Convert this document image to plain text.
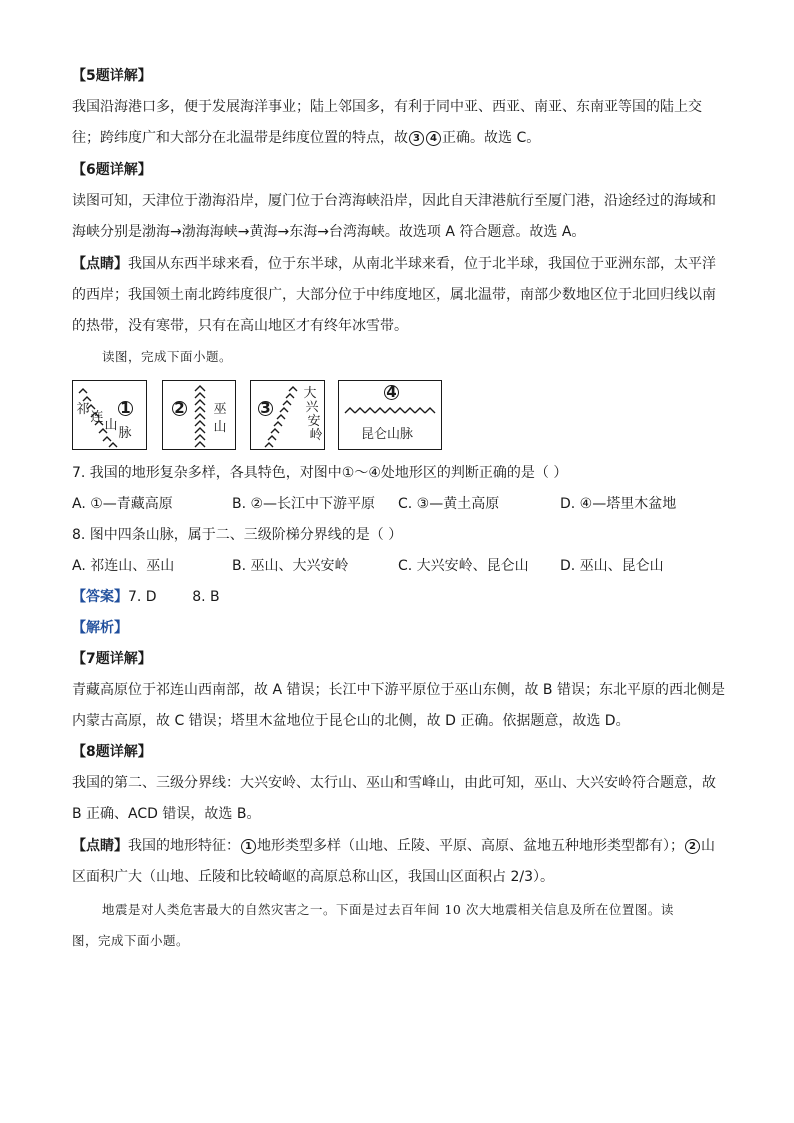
【5题详解】
我国沿海港口多，便于发展海洋事业；陆上邻国多，有利于同中亚、西亚、南亚、东南亚等国的陆上交
往；跨纬度广和大部分在北温带是纬度位置的特点，故 3 4 正确。故选 C。
【6题详解】
读图可知，天津位于渤海沿岸，厦门位于台湾海峡沿岸，因此自天津港航行至厦门港，沿途经过的海域和
海峡分别是渤海→渤海海峡→黄海→东海→台湾海峡。故选项 A 符合题意。故选 A。
【点睛】我国从东西半球来看，位于东半球，从南北半球来看，位于北半球，我国位于亚洲东部，太平洋
的西岸；我国领土南北跨纬度很广，大部分位于中纬度地区，属北温带，南部少数地区位于北回归线以南
的热带，没有寒带，只有在高山地区才有终年冰雪带。
读图，完成下面小题。
祁
连
山
脉
1	2 巫
山
3
大
兴
安
岭
4
昆仑山脉
7. 我国的地形复杂多样，各具特色，对图中①～④处地形区的判断正确的是（ ）
A. ①—青藏高原	B. ②—长江中下游平原 C. ③—黄土高原	D. ④—塔里木盆地
8. 图中四条山脉，属于二、三级阶梯分界线的是（ ）
A. 祁连山、巫山	B. 巫山、大兴安岭	C. 大兴安岭、昆仑山 D. 巫山、昆仑山
【答案】7. D        8. B
【解析】
【7题详解】
青藏高原位于祁连山西南部，故 A 错误；长江中下游平原位于巫山东侧，故 B 错误；东北平原的西北侧是
内蒙古高原，故 C 错误；塔里木盆地位于昆仑山的北侧，故 D 正确。依据题意，故选 D。
【8题详解】
我国的第二、三级分界线：大兴安岭、太行山、巫山和雪峰山，由此可知，巫山、大兴安岭符合题意，故
B 正确、ACD 错误，故选 B。
【点睛】我国的地形特征： 1 地形类型多样（山地、丘陵、平原、高原、盆地五种地形类型都有）； 2 山
区面积广大（山地、丘陵和比较崎岖的高原总称山区，我国山区面积占 2/3）。
地震是对人类危害最大的自然灾害之一。下面是过去百年间 10 次大地震相关信息及所在位置图。读
图，完成下面小题。
